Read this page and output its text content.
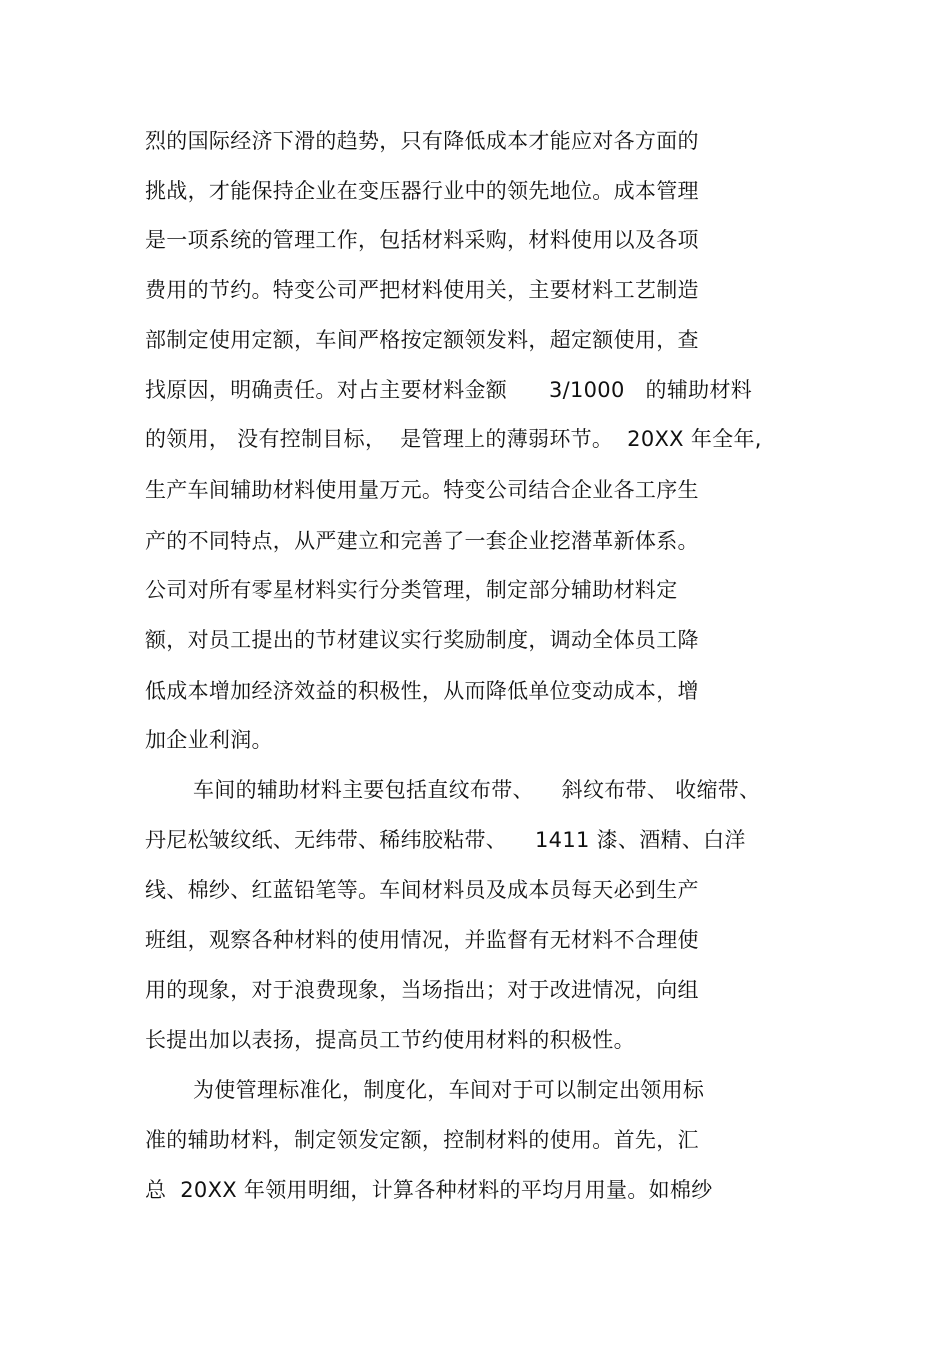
烈的国际经济下滑的趋势，只有降低成本才能应对各方面的
挑战，才能保持企业在变压器行业中的领先地位。成本管理
是一项系统的管理工作，包括材料采购，材料使用以及各项
费用的节约。特变公司严把材料使用关，主要材料工艺制造
部制定使用定额，车间严格按定额领发料，超定额使用，查
找原因，明确责任。对占主要材料金额      3/1000   的辅助材料
的领用， 没有控制目标，  是管理上的薄弱环节。  20XX 年全年,
生产车间辅助材料使用量万元。特变公司结合企业各工序生
产的不同特点，从严建立和完善了一套企业挖潜革新体系。
公司对所有零星材料实行分类管理，制定部分辅助材料定
额，对员工提出的节材建议实行奖励制度，调动全体员工降
低成本增加经济效益的积极性，从而降低单位变动成本，增
加企业利润。
车间的辅助材料主要包括直纹布带、    斜纹布带、 收缩带、
丹尼松皱纹纸、无纬带、稀纬胶粘带、    1411 漆、酒精、白洋
线、棉纱、红蓝铅笔等。车间材料员及成本员每天必到生产
班组，观察各种材料的使用情况，并监督有无材料不合理使
用的现象，对于浪费现象，当场指出；对于改进情况，向组
长提出加以表扬，提高员工节约使用材料的积极性。
为使管理标准化，制度化，车间对于可以制定出领用标
准的辅助材料，制定领发定额，控制材料的使用。首先，汇
总  20XX 年领用明细，计算各种材料的平均月用量。如棉纱
